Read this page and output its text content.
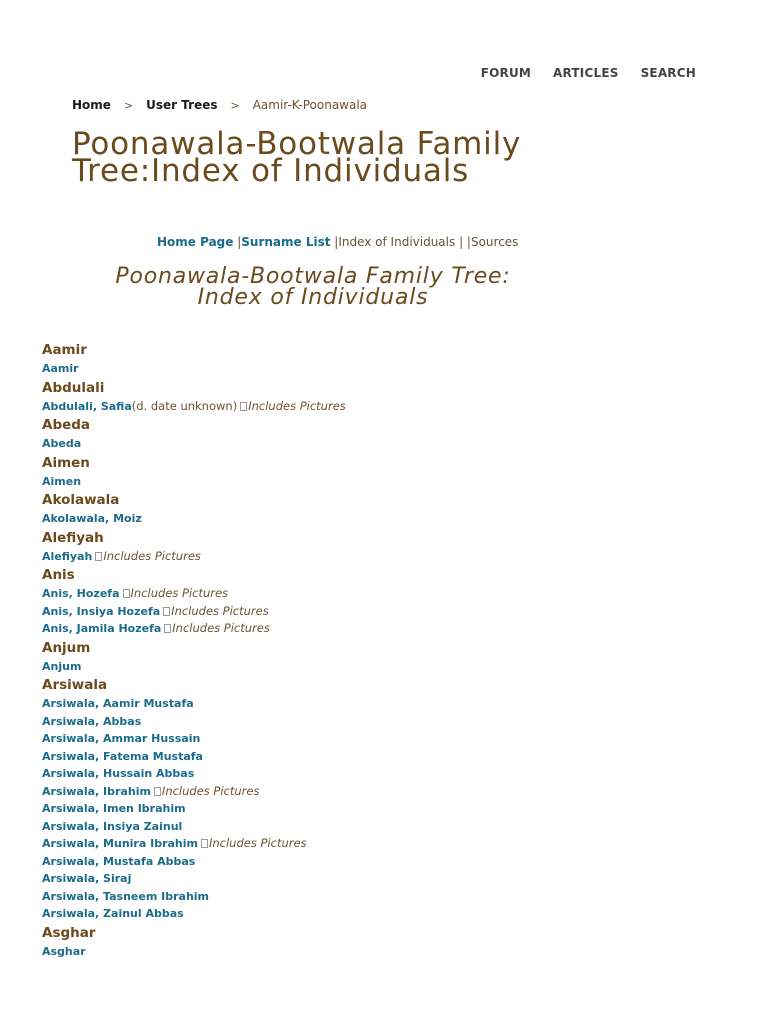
FORUM ARTICLES SEARCH
Home > User Trees > Aamir-K-Poonawala
Poonawala-Bootwala Family Tree:Index of Individuals
Home Page |Surname List |Index of Individuals | |Sources
Poonawala-Bootwala Family Tree:
Index of Individuals
Aamir
Aamir
Abdulali
Abdulali, Safia(d. date unknown) Includes Pictures
Abeda
Abeda
Aimen
Aimen
Akolawala
Akolawala, Moiz
Alefiyah
Alefiyah Includes Pictures
Anis
Anis, Hozefa Includes Pictures
Anis, Insiya Hozefa Includes Pictures
Anis, Jamila Hozefa Includes Pictures
Anjum
Anjum
Arsiwala
Arsiwala, Aamir Mustafa
Arsiwala, Abbas
Arsiwala, Ammar Hussain
Arsiwala, Fatema Mustafa
Arsiwala, Hussain Abbas
Arsiwala, Ibrahim Includes Pictures
Arsiwala, Imen Ibrahim
Arsiwala, Insiya Zainul
Arsiwala, Munira Ibrahim Includes Pictures
Arsiwala, Mustafa Abbas
Arsiwala, Siraj
Arsiwala, Tasneem Ibrahim
Arsiwala, Zainul Abbas
Asghar
Asghar
